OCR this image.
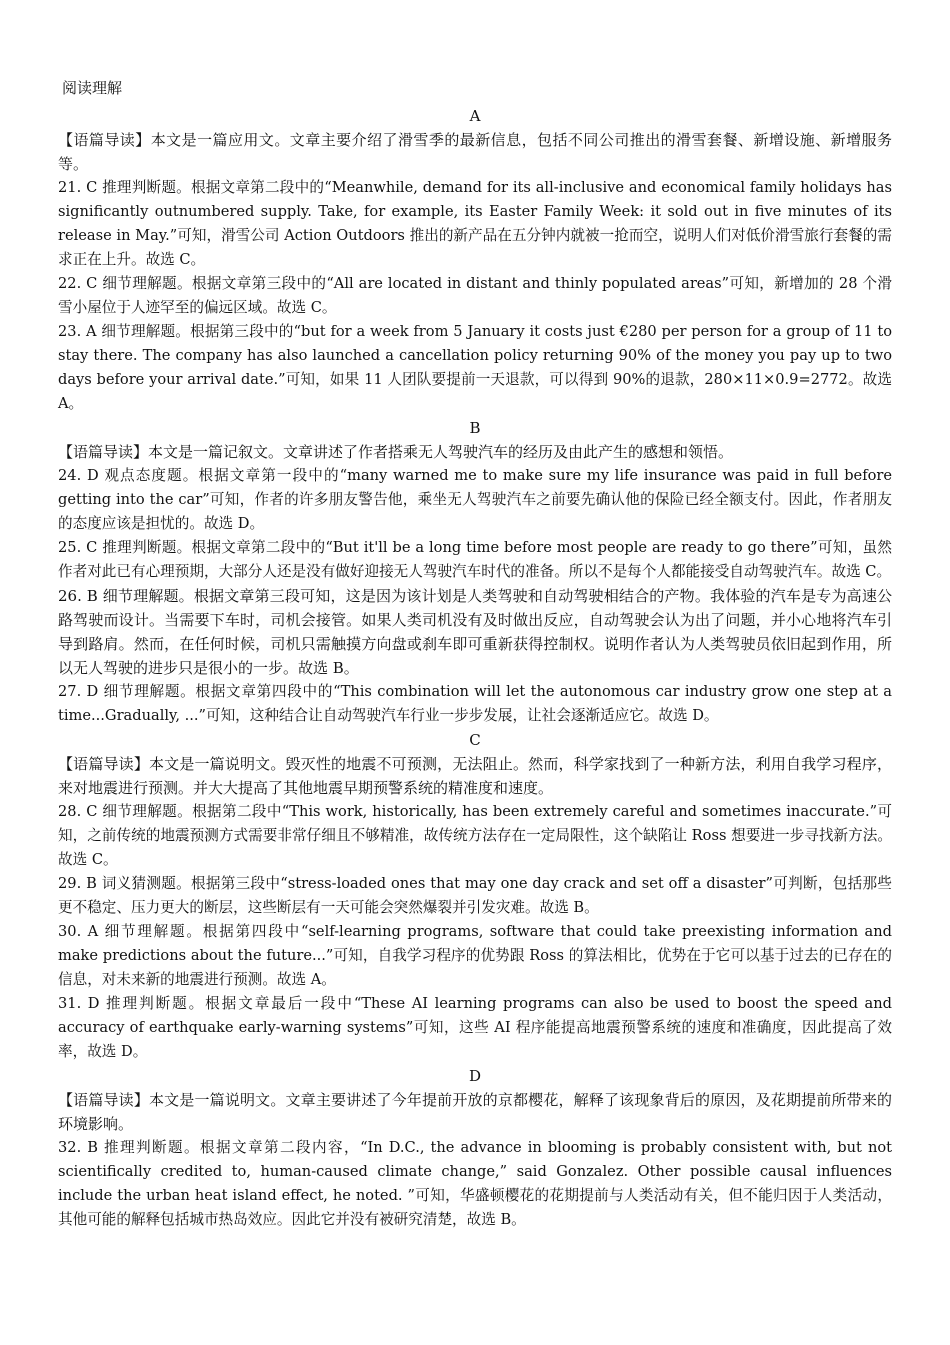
阅读理解
A

【语篇导读】本文是一篇应用文。文章主要介绍了滑雪季的最新信息，包括不同公司推出的滑雪套餐、新增设施、新增服务等。

21. C 推理判断题。根据文章第二段中的“Meanwhile, demand for its all-inclusive and economical family holidays has significantly outnumbered supply. Take, for example, its Easter Family Week: it sold out in five minutes of its release in May.”可知，滑雪公司 Action Outdoors 推出的新产品在五分钟内就被一抢而空，说明人们对低价滑雪旅行套餐的需求正在上升。故选 C。

22. C 细节理解题。根据文章第三段中的“All are located in distant and thinly populated areas”可知，新增加的 28 个滑雪小屋位于人迹罕至的偏远区域。故选 C。

23. A 细节理解题。根据第三段中的“but for a week from 5 January it costs just €280 per person for a group of 11 to stay there. The company has also launched a cancellation policy returning 90% of the money you pay up to two days before your arrival date.”可知，如果 11 人团队要提前一天退款，可以得到 90%的退款，280×11×0.9=2772。故选 A。

B

【语篇导读】本文是一篇记叙文。文章讲述了作者搭乘无人驾驶汽车的经历及由此产生的感想和领悟。

24. D 观点态度题。根据文章第一段中的“many warned me to make sure my life insurance was paid in full before getting into the car”可知，作者的许多朋友警告他，乘坐无人驾驶汽车之前要先确认他的保险已经全额支付。因此，作者朋友的态度应该是担忧的。故选 D。

25. C 推理判断题。根据文章第二段中的“But it'll be a long time before most people are ready to go there”可知，虽然作者对此已有心理预期，大部分人还是没有做好迎接无人驾驶汽车时代的准备。所以不是每个人都能接受自动驾驶汽车。故选 C。

26. B 细节理解题。根据文章第三段可知，这是因为该计划是人类驾驶和自动驾驶相结合的产物。我体验的汽车是专为高速公路驾驶而设计。当需要下车时，司机会接管。如果人类司机没有及时做出反应，自动驾驶会认为出了问题，并小心地将汽车引导到路肩。然而，在任何时候，司机只需触摸方向盘或刹车即可重新获得控制权。说明作者认为人类驾驶员依旧起到作用，所以无人驾驶的进步只是很小的一步。故选 B。

27. D 细节理解题。根据文章第四段中的“This combination will let the autonomous car industry grow one step at a time...Gradually, ...”可知，这种结合让自动驾驶汽车行业一步步发展，让社会逐渐适应它。故选 D。

C

【语篇导读】本文是一篇说明文。毁灭性的地震不可预测，无法阻止。然而，科学家找到了一种新方法，利用自我学习程序，来对地震进行预测。并大大提高了其他地震早期预警系统的精准度和速度。

28. C 细节理解题。根据第二段中“This work, historically, has been extremely careful and sometimes inaccurate.”可知，之前传统的地震预测方式需要非常仔细且不够精准，故传统方法存在一定局限性，这个缺陷让 Ross 想要进一步寻找新方法。故选 C。

29. B 词义猜测题。根据第三段中“stress-loaded ones that may one day crack and set off a disaster”可判断，包括那些更不稳定、压力更大的断层，这些断层有一天可能会突然爆裂并引发灾难。故选 B。

30. A 细节理解题。根据第四段中“self-learning programs, software that could take preexisting information and make predictions about the future...”可知，自我学习程序的优势跟 Ross 的算法相比，优势在于它可以基于过去的已存在的信息，对未来新的地震进行预测。故选 A。

31. D 推理判断题。根据文章最后一段中“These AI learning programs can also be used to boost the speed and accuracy of earthquake early-warning systems”可知，这些 AI 程序能提高地震预警系统的速度和准确度，因此提高了效率，故选 D。

D

【语篇导读】本文是一篇说明文。文章主要讲述了今年提前开放的京都樱花，解释了该现象背后的原因，及花期提前所带来的环境影响。

32. B 推理判断题。根据文章第二段内容，“In D.C., the advance in blooming is probably consistent with, but not scientifically credited to, human-caused climate change,” said Gonzalez. Other possible causal influences include the urban heat island effect, he noted. ”可知，华盛顿樱花的花期提前与人类活动有关，但不能归因于人类活动，其他可能的解释包括城市热岛效应。因此它并没有被研究清楚，故选 B。
